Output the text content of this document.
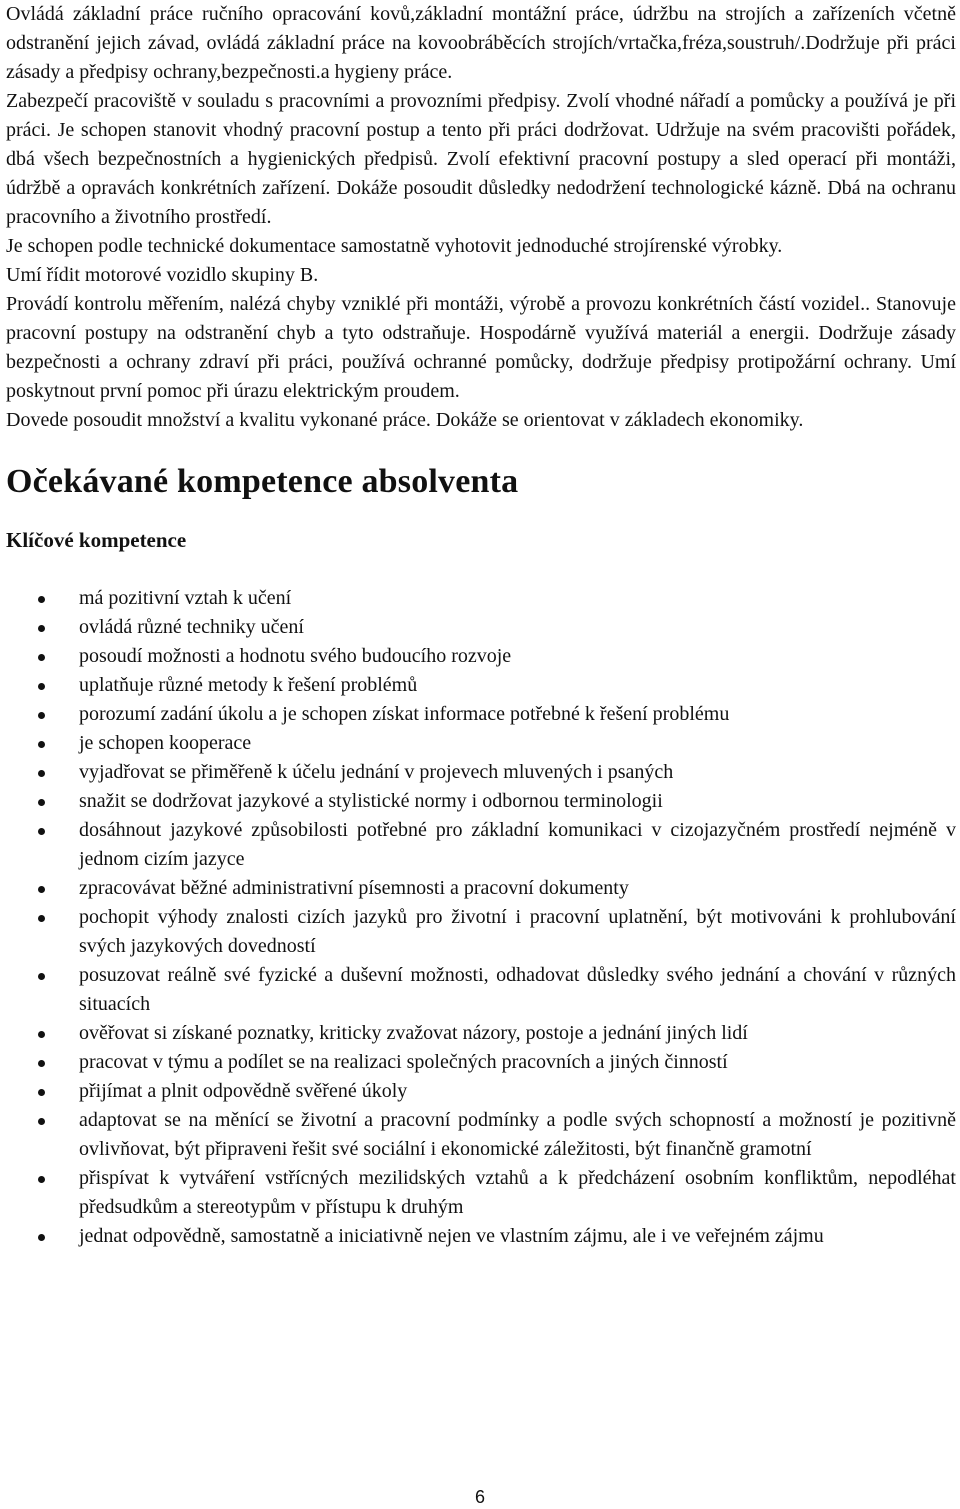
Ovládá základní práce ručního opracování kovů,základní montážní práce, údržbu na strojích a zařízeních včetně odstranění jejich závad, ovládá základní práce na kovoobráběcích strojích/vrtačka,fréza,soustruh/.Dodržuje při práci zásady a předpisy ochrany,bezpečnosti.a hygieny práce.

Zabezpečí pracoviště v souladu s pracovními a provozními předpisy. Zvolí vhodné nářadí a pomůcky a používá je při práci. Je schopen stanovit vhodný pracovní postup a tento při práci dodržovat. Udržuje na svém pracovišti pořádek, dbá všech bezpečnostních a hygienických předpisů. Zvolí efektivní pracovní postupy a sled operací při montáži, údržbě a opravách konkrétních zařízení. Dokáže posoudit důsledky nedodržení technologické kázně. Dbá na ochranu pracovního a životního prostředí.

Je schopen podle technické dokumentace samostatně vyhotovit jednoduché strojírenské výrobky.

Umí řídit motorové vozidlo skupiny B.

Provádí kontrolu měřením, nalézá chyby vzniklé při montáži, výrobě a provozu konkrétních částí vozidel.. Stanovuje pracovní postupy na odstranění chyb a tyto odstraňuje. Hospodárně využívá materiál a energii. Dodržuje zásady bezpečnosti a ochrany zdraví při práci, používá ochranné pomůcky, dodržuje předpisy protipožární ochrany. Umí poskytnout první pomoc při úrazu elektrickým proudem.

Dovede posoudit množství a kvalitu vykonané práce. Dokáže se orientovat v základech ekonomiky.

Očekávané kompetence absolventa
Klíčové kompetence
má pozitivní vztah k učení
ovládá různé techniky učení
posoudí možnosti a hodnotu svého budoucího rozvoje
uplatňuje různé metody k řešení problémů
porozumí zadání úkolu a je schopen získat informace potřebné k řešení problému
je schopen kooperace
vyjadřovat se přiměřeně k účelu jednání v projevech mluvených i psaných
snažit se dodržovat jazykové a stylistické normy i odbornou terminologii
dosáhnout jazykové způsobilosti potřebné pro základní komunikaci v cizojazyčném prostředí nejméně v jednom cizím jazyce
zpracovávat běžné administrativní písemnosti a pracovní dokumenty
pochopit výhody znalosti cizích jazyků pro životní i pracovní uplatnění, být motivováni k prohlubování svých jazykových dovedností
posuzovat reálně své fyzické a duševní možnosti, odhadovat důsledky svého jednání a chování v různých situacích
ověřovat si získané poznatky, kriticky zvažovat názory, postoje a jednání jiných lidí
pracovat v týmu a podílet se na realizaci společných pracovních a jiných činností
přijímat a plnit odpovědně svěřené úkoly
adaptovat se na měnící se životní a pracovní podmínky a podle svých schopností a možností je pozitivně ovlivňovat, být připraveni řešit své sociální i ekonomické záležitosti, být finančně gramotní
přispívat k vytváření vstřícných mezilidských vztahů a k předcházení osobním konfliktům, nepodléhat předsudkům a stereotypům v přístupu k druhým
jednat odpovědně, samostatně a iniciativně nejen ve vlastním zájmu, ale i ve veřejném zájmu
6
